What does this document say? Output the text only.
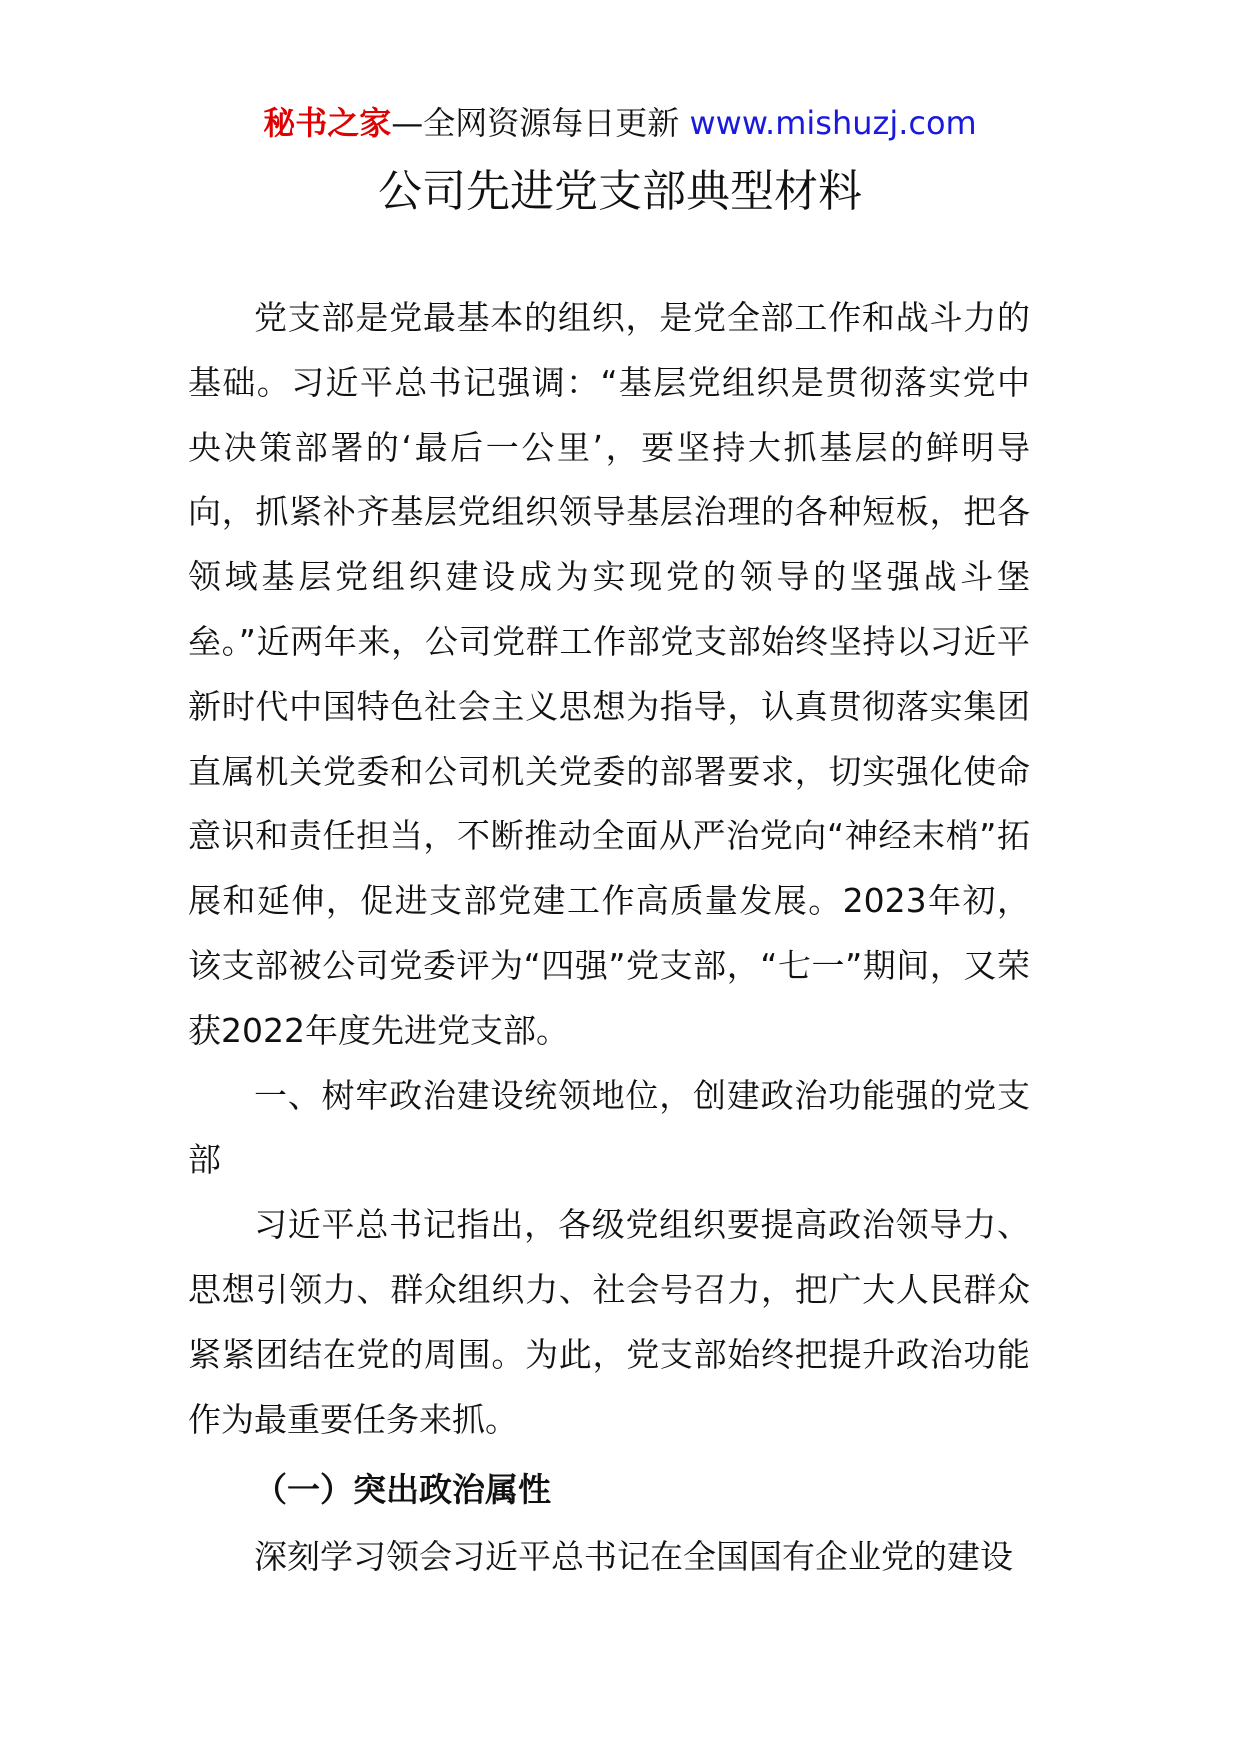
秘书之家—全网资源每日更新 www.mishuzj.com
公司先进党支部典型材料

党支部是党最基本的组织，是党全部工作和战斗力的基础。习近平总书记强调：“基层党组织是贯彻落实党中央决策部署的‘最后一公里’，要坚持大抓基层的鲜明导向，抓紧补齐基层党组织领导基层治理的各种短板，把各领域基层党组织建设成为实现党的领导的坚强战斗堡垒。”近两年来，公司党群工作部党支部始终坚持以习近平新时代中国特色社会主义思想为指导，认真贯彻落实集团直属机关党委和公司机关党委的部署要求，切实强化使命意识和责任担当，不断推动全面从严治党向“神经末梢”拓展和延伸，促进支部党建工作高质量发展。2023年初，该支部被公司党委评为“四强”党支部，“七一”期间，又荣获2022年度先进党支部。

一、树牢政治建设统领地位，创建政治功能强的党支部

习近平总书记指出，各级党组织要提高政治领导力、思想引领力、群众组织力、社会号召力，把广大人民群众紧紧团结在党的周围。为此，党支部始终把提升政治功能作为最重要任务来抓。

（一）突出政治属性

深刻学习领会习近平总书记在全国国有企业党的建设
